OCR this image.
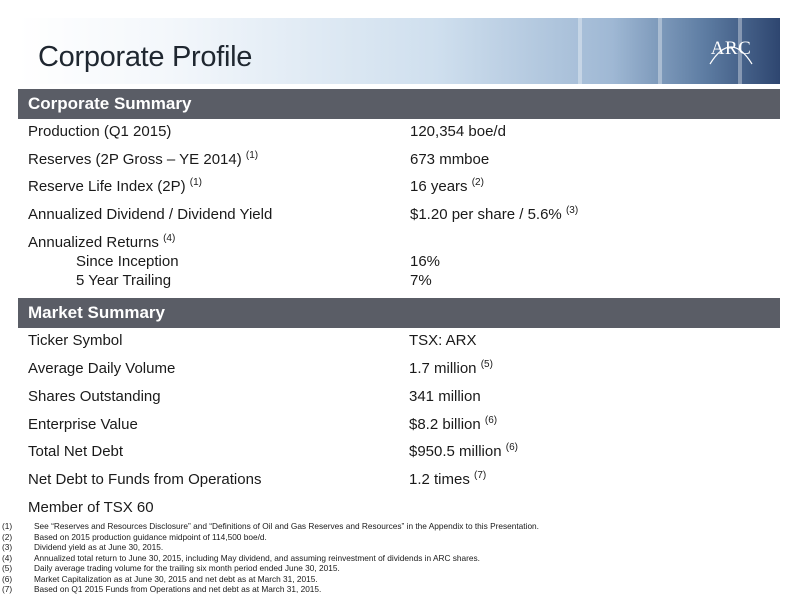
Corporate Profile	ARC
Corporate Summary
Production (Q1 2015)	120,354 boe/d
Reserves (2P Gross – YE 2014) $^{(1)}$	673 mmboe
Reserve Life Index (2P) $^{(1)}$	16 years $^{(2)}$
Annualized Dividend / Dividend Yield	$1.20 per share / 5.6% $^{(3)}$
Annualized Returns $^{(4)}$
Since Inception	16%
5 Year Trailing	7%
Market Summary
Ticker Symbol	TSX: ARX
Average Daily Volume	1.7 million $^{(5)}$
Shares Outstanding	341 million
Enterprise Value	$8.2 billion $^{(6)}$
Total Net Debt	$950.5 million $^{(6)}$
Net Debt to Funds from Operations	1.2 times $^{(7)}$
Member of TSX 60
(1)	See “Reserves and Resources Disclosure” and “Definitions of Oil and Gas Reserves and Resources” in the Appendix to this Presentation.
(2)	Based on 2015 production guidance midpoint of 114,500 boe/d.
(3)	Dividend yield as at June 30, 2015.
(4)	Annualized total return to June 30, 2015, including May dividend, and assuming reinvestment of dividends in ARC shares.
(5)	Daily average trading volume for the trailing six month period ended June 30, 2015.
(6)	Market Capitalization as at June 30, 2015 and net debt as at March 31, 2015.
(7)	Based on Q1 2015 Funds from Operations and net debt as at March 31, 2015.
